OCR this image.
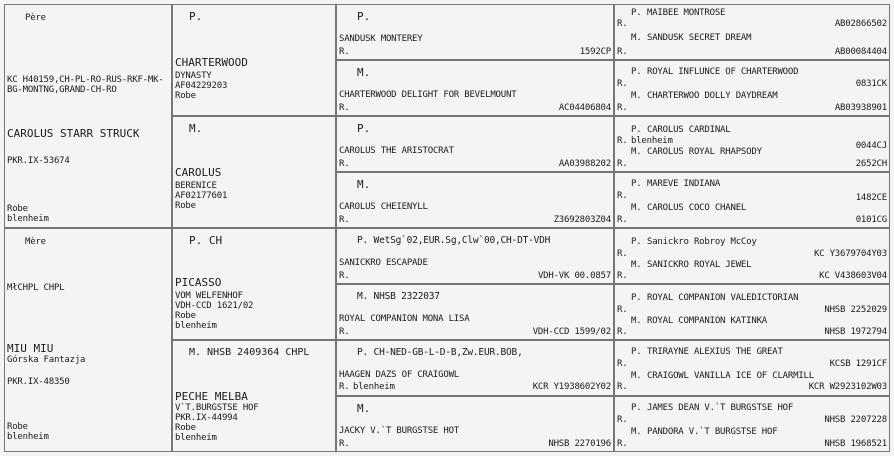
Père
KC H40159,CH-PL-RO-RUS-RKF-MK-
BG-MONTNG,GRAND-CH-RO
CAROLUS STARR STRUCK
PKR.IX-53674
Robe
blenheim
Mère
MłCHPL CHPL
MIU MIU
Górska Fantazja
PKR.IX-48350
Robe
blenheim
P.
CHARTERWOOD
DYNASTY
AF04229203
Robe
M.
CAROLUS
BERENICE
AF02177601
Robe
P. CH
PICASSO
VOM WELFENHOF
VDH-CCD 1621/02
Robe
blenheim
M. NHSB 2409364 CHPL
PECHE MELBA
V`T.BURGSTSE HOF
PKR.IX-44994
Robe
blenheim
P.
SANDUSK MONTEREY
R.	1592CP
M.
CHARTERWOOD DELIGHT FOR BEVELMOUNT
R.	AC04406804
P.
CAROLUS THE ARISTOCRAT
R.	AA03988202
M.
CAROLUS CHEIENYLL
R.	Z3692803Z04
P. WetSg`02,EUR.Sg,Clw`00,CH-DT-VDH
SANICKRO ESCAPADE
R.	VDH-VK 00.0857
M. NHSB 2322037
ROYAL COMPANION MONA LISA
R.	VDH-CCD 1599/02
P. CH-NED-GB-L-D-B,Zw.EUR.BOB,
HAAGEN DAZS OF CRAIGOWL
R. blenheim	KCR Y1938602Y02
M.
JACKY V.`T BURGSTSE HOT
R.	NHSB 2270196
P. MAIBEE MONTROSE
R.	AB02866502
M. SANDUSK SECRET DREAM
R.	AB00084404
P. ROYAL INFLUNCE OF CHARTERWOOD
R.	0831CK
M. CHARTERWOO DOLLY DAYDREAM
R.	AB03938901
P. CAROLUS CARDINAL
R. blenheim	0044CJ
M. CAROLUS ROYAL RHAPSODY
R.	2652CH
P. MAREVE INDIANA
R.	1482CE
M. CAROLUS COCO CHANEL
R.	0101CG
P. Sanickro Robroy McCoy
R.	KC Y3679704Y03
M. SANICKRO ROYAL JEWEL
R.	KC V438603V04
P. ROYAL COMPANION VALEDICTORIAN
R.	NHSB 2252029
M. ROYAL COMPANION KATINKA
R.	NHSB 1972794
P. TRIRAYNE ALEXIUS THE GREAT
R.	KCSB 1291CF
M. CRAIGOWL VANILLA ICE OF CLARMILL
R.	KCR W2923102W03
P. JAMES DEAN V.`T BURGSTSE HOF
R.	NHSB 2207228
M. PANDORA V.`T BURGSTSE HOF
R.	NHSB 1968521
